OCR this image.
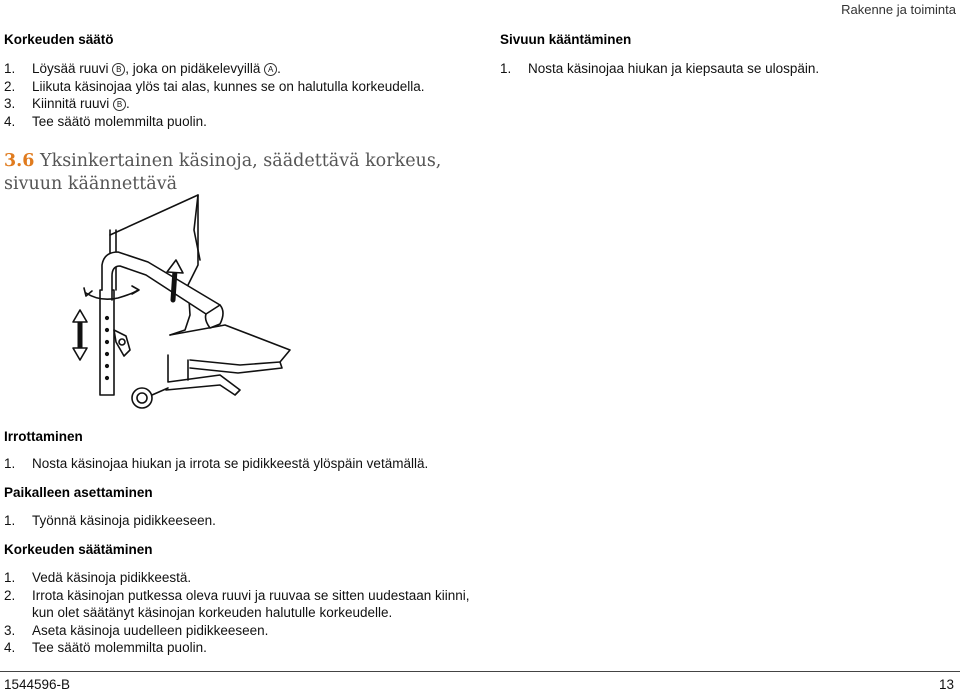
Rakenne ja toiminta
Korkeuden säätö
1.	Löysää ruuvi B , joka on pidäkelevyillä A .
2.	Liikuta käsinojaa ylös tai alas, kunnes se on halutulla korkeudella.
3.	Kiinnitä ruuvi B .
4.	Tee säätö molemmilta puolin.
Sivuun kääntäminen
1.	Nosta käsinojaa hiukan ja kiepsauta se ulospäin.
3.6 Yksinkertainen käsinoja, säädettävä korkeus,
sivuun käännettävä
Irrottaminen
1.	Nosta käsinojaa hiukan ja irrota se pidikkeestä ylöspäin vetämällä.
Paikalleen asettaminen
1.	Työnnä käsinoja pidikkeeseen.
Korkeuden säätäminen
1.	Vedä käsinoja pidikkeestä.
2.	Irrota käsinojan putkessa oleva ruuvi ja ruuvaa se sitten uudestaan kiinni, kun olet säätänyt käsinojan korkeuden halutulle korkeudelle.
3.	Aseta käsinoja uudelleen pidikkeeseen.
4.	Tee säätö molemmilta puolin.
1544596-B	13
